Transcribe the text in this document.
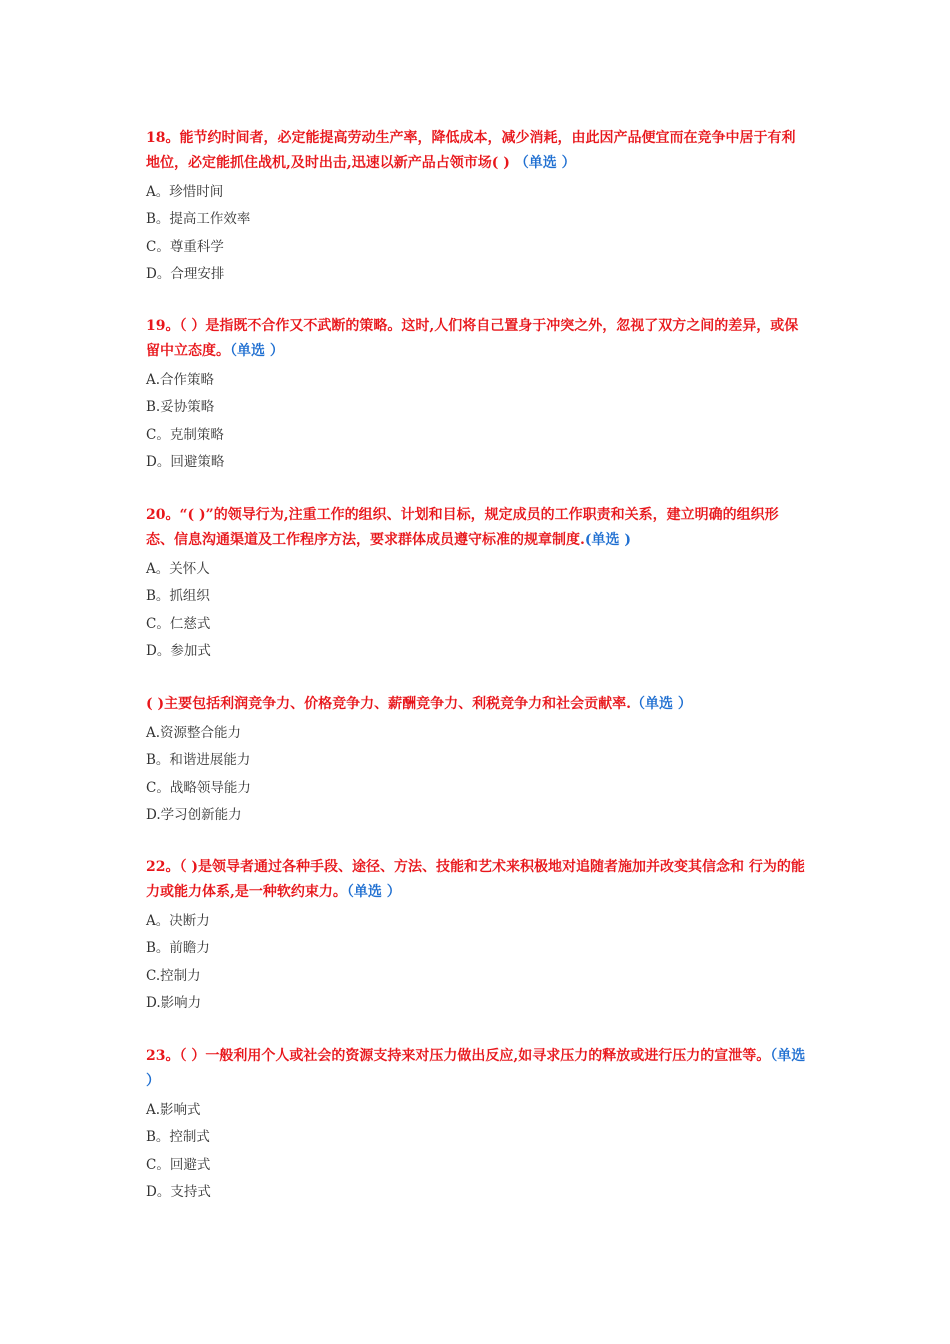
18。能节约时间者，必定能提高劳动生产率，降低成本，减少消耗，由此因产品便宜而在竞争中居于有利地位，必定能抓住战机,及时出击,迅速以新产品占领市场( ) （单选 ）

A。珍惜时间
B。提高工作效率
C。尊重科学
D。合理安排

19。（ ）是指既不合作又不武断的策略。这时,人们将自己置身于冲突之外，忽视了双方之间的差异，或保留中立态度。（单选 ）

A.合作策略
B.妥协策略
C。克制策略
D。回避策略

20。“( )”的领导行为,注重工作的组织、计划和目标，规定成员的工作职责和关系，建立明确的组织形态、信息沟通渠道及工作程序方法，要求群体成员遵守标准的规章制度.(单选 )

A。关怀人
B。抓组织
C。仁慈式
D。参加式

( )主要包括利润竞争力、价格竞争力、薪酬竞争力、利税竞争力和社会贡献率.（单选 ）

A.资源整合能力
B。和谐进展能力
C。战略领导能力
D.学习创新能力

22。（ )是领导者通过各种手段、途径、方法、技能和艺术来积极地对追随者施加并改变其信念和 行为的能力或能力体系,是一种软约束力。（单选 ）

A。决断力
B。前瞻力
C.控制力
D.影响力

23。（ ）一般利用个人或社会的资源支持来对压力做出反应,如寻求压力的释放或进行压力的宣泄等。（单选 ）

A.影响式
B。控制式
C。回避式
D。支持式
